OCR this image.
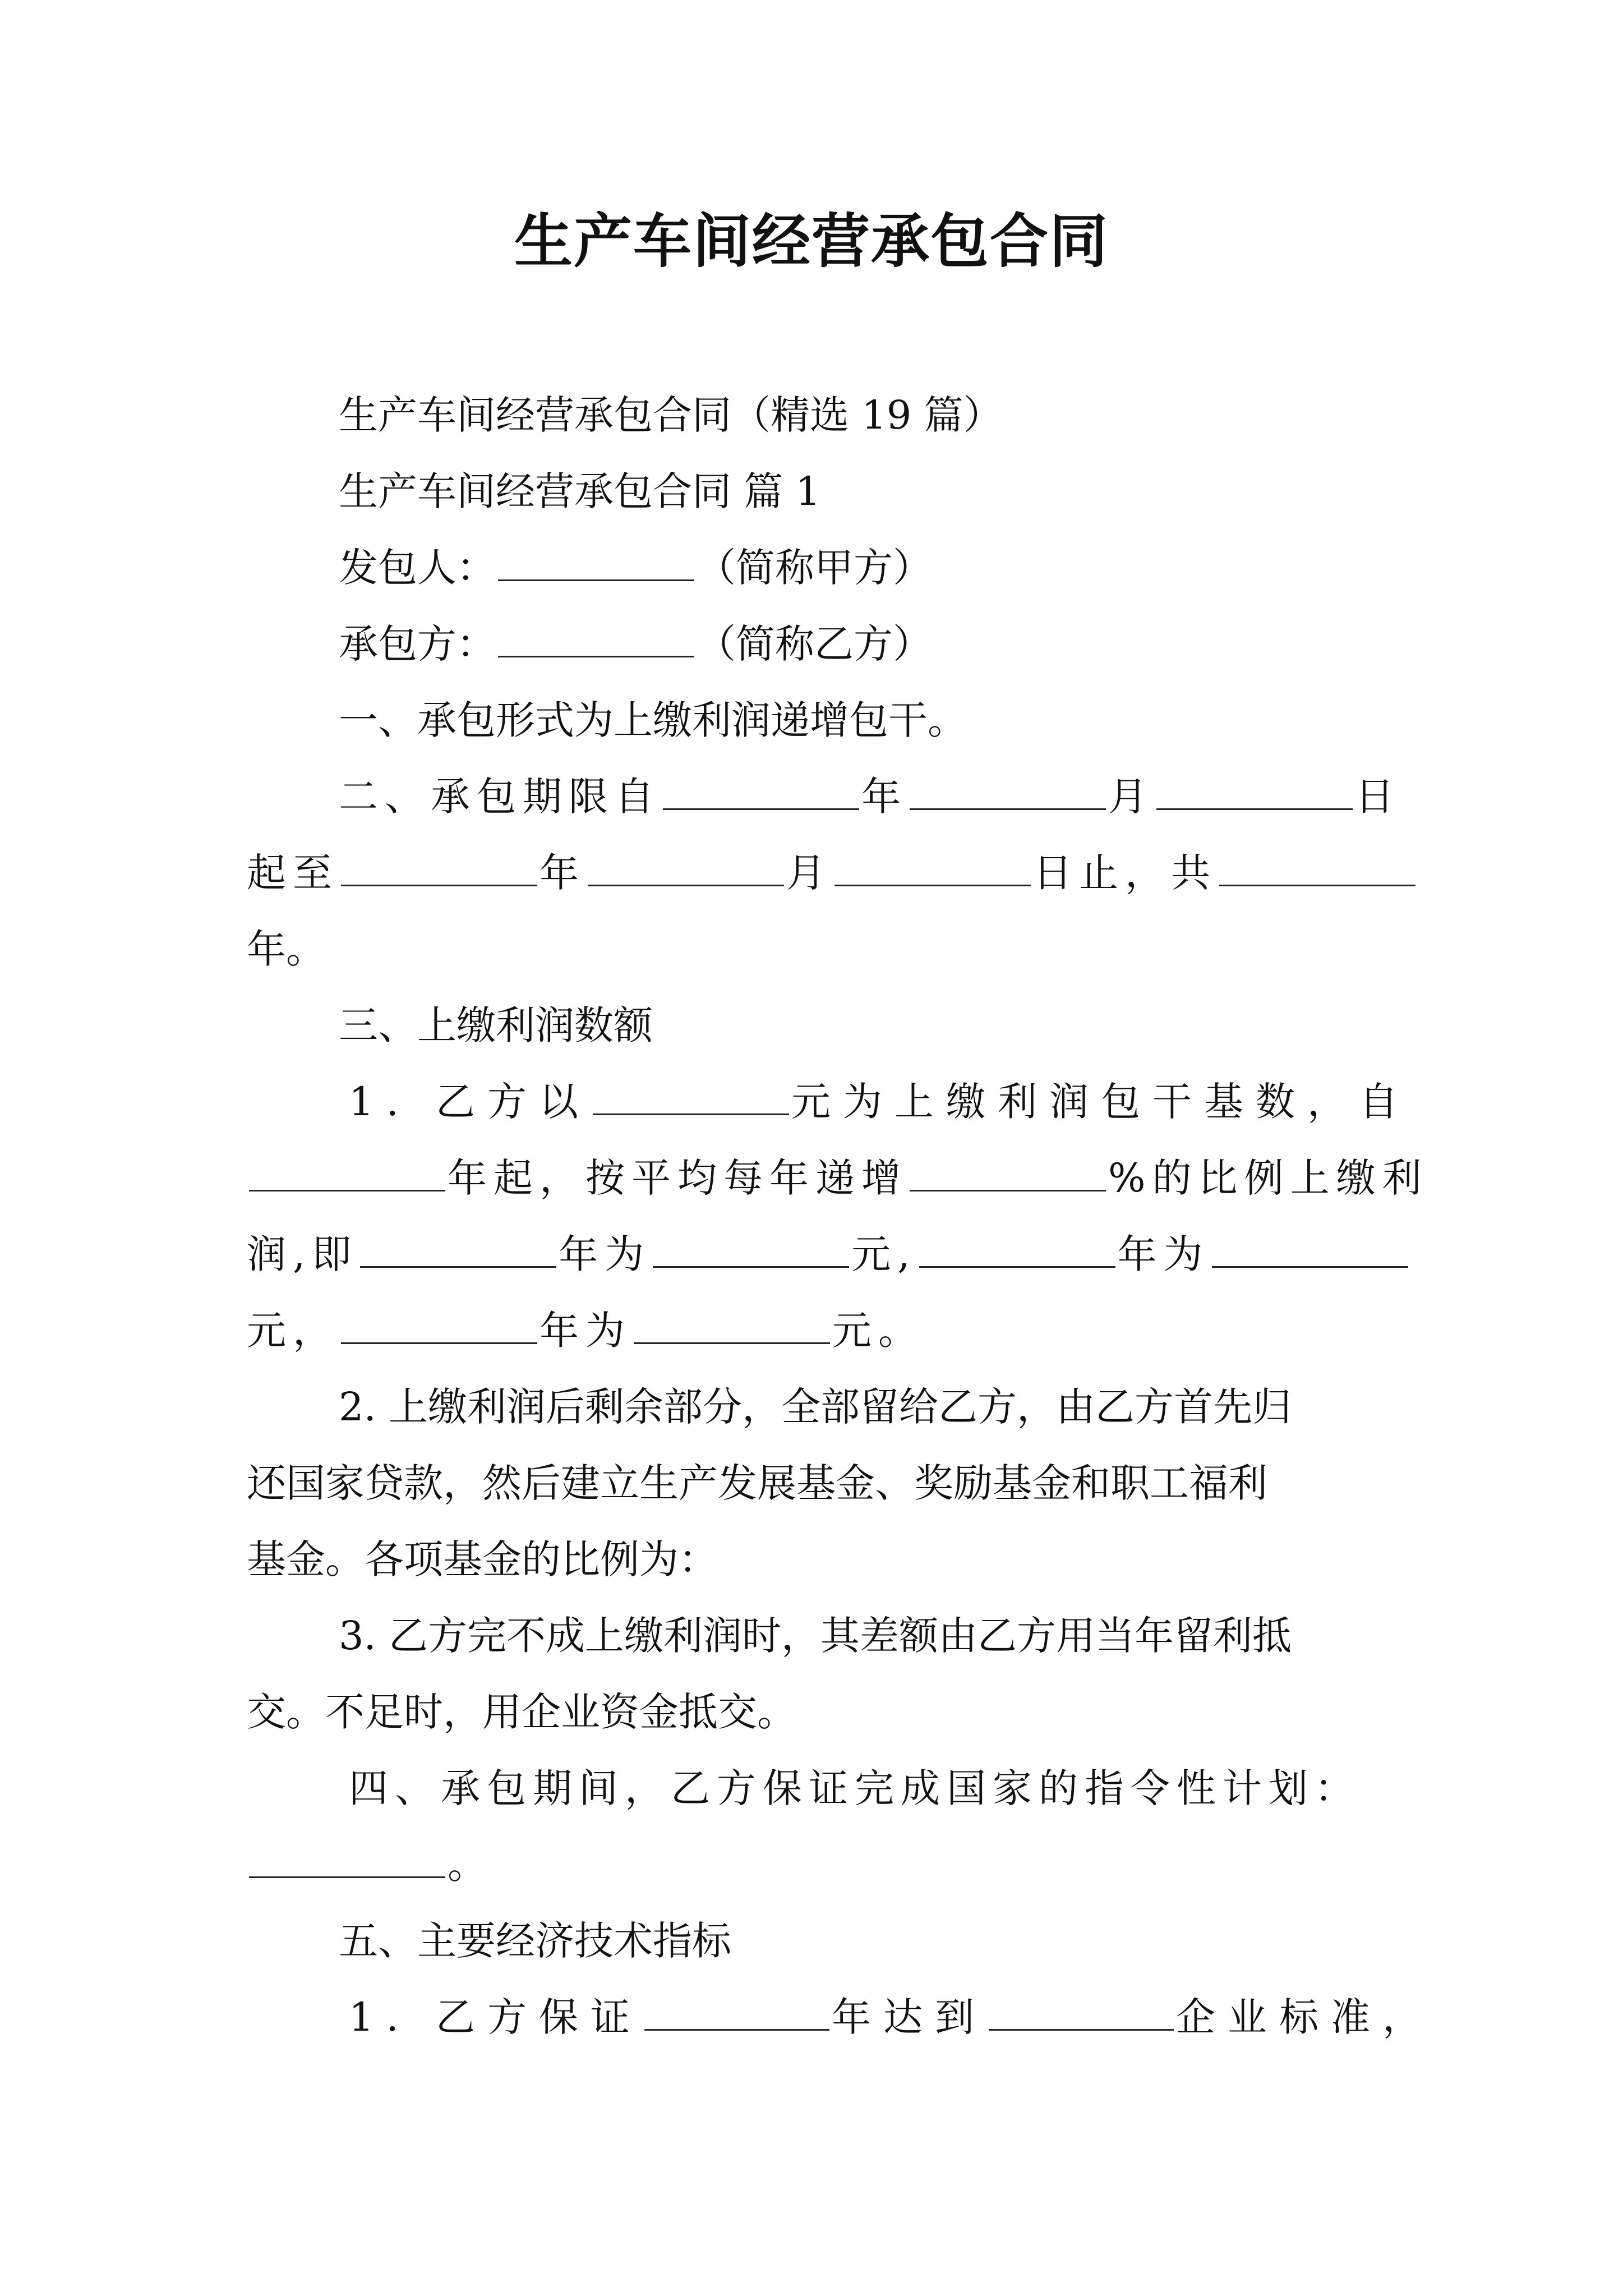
生产车间经营承包合同
生产车间经营承包合同（精选 19 篇）
生产车间经营承包合同 篇 1
发包人：	（简称甲方）
承包方：	（简称乙方）
一、承包形式为上缴利润递增包干。
二、承包期限自	年	月	日
起至	年	月	日止，共
年。
三、上缴利润数额
1. 乙方以	元为上缴利润包干基数，自
年起，按平均每年递增	%的比例上缴利
润,即	年为	元,	年为
元，	年为	元。
2. 上缴利润后剩余部分，全部留给乙方，由乙方首先归
还国家贷款，然后建立生产发展基金、奖励基金和职工福利
基金。各项基金的比例为：
3. 乙方完不成上缴利润时，其差额由乙方用当年留利抵
交。不足时，用企业资金抵交。
四、承包期间，乙方保证完成国家的指令性计划：
。
五、主要经济技术指标
1. 乙方保证	年达到	企业标准，
